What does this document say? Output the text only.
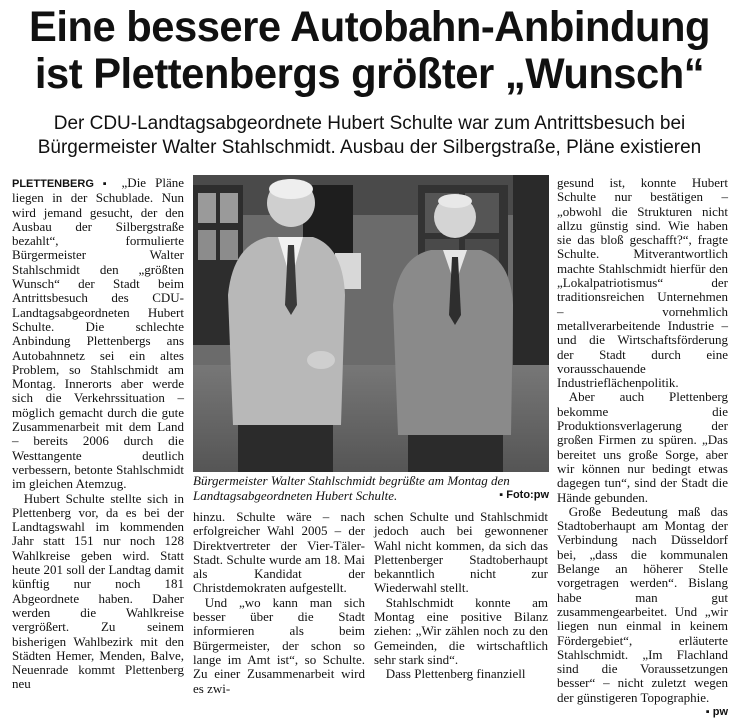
Eine bessere Autobahn-Anbindung
ist Plettenbergs größter „Wunsch“
Der CDU-Landtagsabgeordnete Hubert Schulte war zum Antrittsbesuch bei
Bürgermeister Walter Stahlschmidt. Ausbau der Silbergstraße, Pläne existieren

PLETTENBERG ▪ „Die Pläne liegen in der Schublade. Nun wird jemand gesucht, der den Ausbau der Silbergstraße bezahlt“, formulierte Bürgermeister Walter Stahlschmidt den „größten Wunsch“ der Stadt beim Antrittsbesuch des CDU-Landtagsabgeordneten Hubert Schulte. Die schlechte Anbindung Plettenbergs ans Autobahnnetz sei ein altes Problem, so Stahlschmidt am Montag. Innerorts aber werde sich die Verkehrssituation – möglich gemacht durch die gute Zusammenarbeit mit dem Land – bereits 2006 durch die Westtangente deutlich verbessern, betonte Stahlschmidt im gleichen Atemzug.

Hubert Schulte stellte sich in Plettenberg vor, da es bei der Landtagswahl im kommenden Jahr statt 151 nur noch 128 Wahlkreise geben wird. Statt heute 201 soll der Landtag damit künftig nur noch 181 Abgeordnete haben. Daher werden die Wahlkreise vergrößert. Zu seinem bisherigen Wahlbezirk mit den Städten Hemer, Menden, Balve, Neuenrade kommt Plettenberg neu

Bürgermeister Walter Stahlschmidt begrüßte am Montag den Landtagsabgeordneten Hubert Schulte.	▪ Foto:pw

hinzu. Schulte wäre – nach erfolgreicher Wahl 2005 – der Direktvertreter der Vier-Täler-Stadt. Schulte wurde am 18. Mai als Kandidat der Christdemokraten aufgestellt.

Und „wo kann man sich besser über die Stadt informieren als beim Bürgermeister, der schon so lange im Amt ist“, so Schulte. Zu einer Zusammenarbeit wird es zwi-

schen Schulte und Stahlschmidt jedoch auch bei gewonnener Wahl nicht kommen, da sich das Plettenberger Stadtoberhaupt bekanntlich nicht zur Wiederwahl stellt.

Stahlschmidt konnte am Montag eine positive Bilanz ziehen: „Wir zählen noch zu den Gemeinden, die wirtschaftlich sehr stark sind“.

Dass Plettenberg finanziell

gesund ist, konnte Hubert Schulte nur bestätigen – „obwohl die Strukturen nicht allzu günstig sind. Wie haben sie das bloß geschafft?“, fragte Schulte. Mitverantwortlich machte Stahlschmidt hierfür den „Lokalpatriotismus“ der traditionsreichen Unternehmen – vornehmlich metallverarbeitende Industrie – und die Wirtschaftsförderung der Stadt durch eine vorausschauende Industrieflächenpolitik.

Aber auch Plettenberg bekomme die Produktionsverlagerung der großen Firmen zu spüren. „Das bereitet uns große Sorge, aber wir können nur bedingt etwas dagegen tun“, sind der Stadt die Hände gebunden.

Große Bedeutung maß das Stadtoberhaupt am Montag der Verbindung nach Düsseldorf bei, „dass die kommunalen Belange an höherer Stelle vorgetragen werden“. Bislang habe man gut zusammengearbeitet. Und „wir liegen nun einmal in keinem Fördergebiet“, erläuterte Stahlschmidt. „Im Flachland sind die Voraussetzungen besser“ – nicht zuletzt wegen der günstigeren Topographie.
▪ pw
